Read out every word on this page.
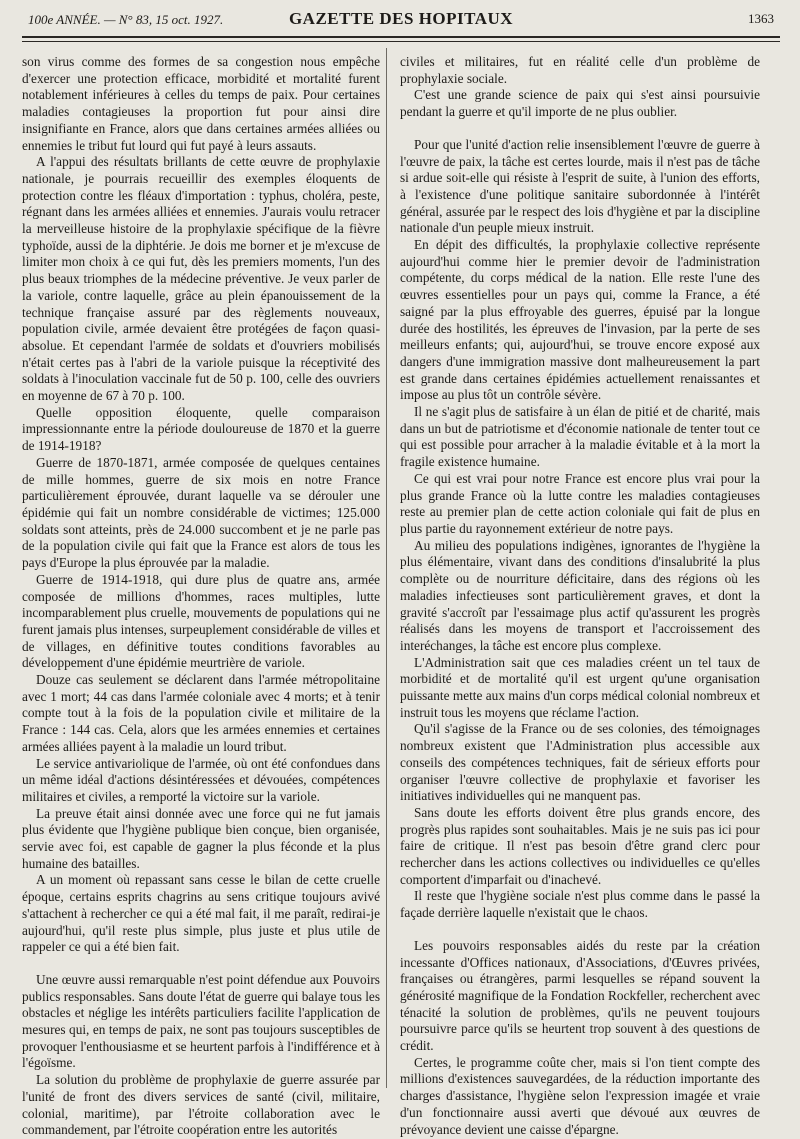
100e ANNÉE. — N° 83, 15 oct. 1927.	GAZETTE DES HOPITAUX	1363

son virus comme des formes de sa congestion nous empêche d'exercer une protection efficace, morbidité et mortalité furent notablement inférieures à celles du temps de paix. Pour certaines maladies contagieuses la proportion fut pour ainsi dire insignifiante en France, alors que dans certaines armées alliées ou ennemies le tribut fut lourd qui fut payé à leurs assauts.

A l'appui des résultats brillants de cette œuvre de prophylaxie nationale, je pourrais recueillir des exemples éloquents de protection contre les fléaux d'importation : typhus, choléra, peste, régnant dans les armées alliées et ennemies. J'aurais voulu retracer la merveilleuse histoire de la prophylaxie spécifique de la fièvre typhoïde, aussi de la diphtérie. Je dois me borner et je m'excuse de limiter mon choix à ce qui fut, dès les premiers moments, l'un des plus beaux triomphes de la médecine préventive. Je veux parler de la variole, contre laquelle, grâce au plein épanouissement de la technique française assuré par des règlements nouveaux, population civile, armée devaient être protégées de façon quasi-absolue. Et cependant l'armée de soldats et d'ouvriers mobilisés n'était certes pas à l'abri de la variole puisque la réceptivité des soldats à l'inoculation vaccinale fut de 50 p. 100, celle des ouvriers en moyenne de 67 à 70 p. 100.

Quelle opposition éloquente, quelle comparaison impressionnante entre la période douloureuse de 1870 et la guerre de 1914-1918?

Guerre de 1870-1871, armée composée de quelques centaines de mille hommes, guerre de six mois en notre France particulièrement éprouvée, durant laquelle va se dérouler une épidémie qui fait un nombre considérable de victimes; 125.000 soldats sont atteints, près de 24.000 succombent et je ne parle pas de la population civile qui fait que la France est alors de tous les pays d'Europe la plus éprouvée par la maladie.

Guerre de 1914-1918, qui dure plus de quatre ans, armée composée de millions d'hommes, races multiples, lutte incomparablement plus cruelle, mouvements de populations qui ne furent jamais plus intenses, surpeuplement considérable de villes et de villages, en définitive toutes conditions favorables au développement d'une épidémie meurtrière de variole.

Douze cas seulement se déclarent dans l'armée métropolitaine avec 1 mort; 44 cas dans l'armée coloniale avec 4 morts; et à tenir compte tout à la fois de la population civile et militaire de la France : 144 cas. Cela, alors que les armées ennemies et certaines armées alliées payent à la maladie un lourd tribut.

Le service antivariolique de l'armée, où ont été confondues dans un même idéal d'actions désintéressées et dévouées, compétences militaires et civiles, a remporté la victoire sur la variole.

La preuve était ainsi donnée avec une force qui ne fut jamais plus évidente que l'hygiène publique bien conçue, bien organisée, servie avec foi, est capable de gagner la plus féconde et la plus humaine des batailles.

A un moment où repassant sans cesse le bilan de cette cruelle époque, certains esprits chagrins au sens critique toujours avivé s'attachent à rechercher ce qui a été mal fait, il me paraît, redirai-je aujourd'hui, qu'il reste plus simple, plus juste et plus utile de rappeler ce qui a été bien fait.

Une œuvre aussi remarquable n'est point défendue aux Pouvoirs publics responsables. Sans doute l'état de guerre qui balaye tous les obstacles et néglige les intérêts particuliers facilite l'application de mesures qui, en temps de paix, ne sont pas toujours susceptibles de provoquer l'enthousiasme et se heurtent parfois à l'indifférence et à l'égoïsme.

La solution du problème de prophylaxie de guerre assurée par l'unité de front des divers services de santé (civil, militaire, colonial, maritime), par l'étroite collaboration avec le commandement, par l'étroite coopération entre les autorités

civiles et militaires, fut en réalité celle d'un problème de prophylaxie sociale.

C'est une grande science de paix qui s'est ainsi poursuivie pendant la guerre et qu'il importe de ne plus oublier.

Pour que l'unité d'action relie insensiblement l'œuvre de guerre à l'œuvre de paix, la tâche est certes lourde, mais il n'est pas de tâche si ardue soit-elle qui résiste à l'esprit de suite, à l'union des efforts, à l'existence d'une politique sanitaire subordonnée à l'intérêt général, assurée par le respect des lois d'hygiène et par la discipline nationale d'un peuple mieux instruit.

En dépit des difficultés, la prophylaxie collective représente aujourd'hui comme hier le premier devoir de l'administration compétente, du corps médical de la nation. Elle reste l'une des œuvres essentielles pour un pays qui, comme la France, a été saigné par la plus effroyable des guerres, épuisé par la longue durée des hostilités, les épreuves de l'invasion, par la perte de ses meilleurs enfants; qui, aujourd'hui, se trouve encore exposé aux dangers d'une immigration massive dont malheureusement la part est grande dans certaines épidémies actuellement renaissantes et impose au plus tôt un contrôle sévère.

Il ne s'agit plus de satisfaire à un élan de pitié et de charité, mais dans un but de patriotisme et d'économie nationale de tenter tout ce qui est possible pour arracher à la maladie évitable et à la mort la fragile existence humaine.

Ce qui est vrai pour notre France est encore plus vrai pour la plus grande France où la lutte contre les maladies contagieuses reste au premier plan de cette action coloniale qui fait de plus en plus partie du rayonnement extérieur de notre pays.

Au milieu des populations indigènes, ignorantes de l'hygiène la plus élémentaire, vivant dans des conditions d'insalubrité la plus complète ou de nourriture déficitaire, dans des régions où les maladies infectieuses sont particulièrement graves, et dont la gravité s'accroît par l'essaimage plus actif qu'assurent les progrès réalisés dans les moyens de transport et l'accroissement des interéchanges, la tâche est encore plus complexe.

L'Administration sait que ces maladies créent un tel taux de morbidité et de mortalité qu'il est urgent qu'une organisation puissante mette aux mains d'un corps médical colonial nombreux et instruit tous les moyens que réclame l'action.

Qu'il s'agisse de la France ou de ses colonies, des témoignages nombreux existent que l'Administration plus accessible aux conseils des compétences techniques, fait de sérieux efforts pour organiser l'œuvre collective de prophylaxie et favoriser les initiatives individuelles qui ne manquent pas.

Sans doute les efforts doivent être plus grands encore, des progrès plus rapides sont souhaitables. Mais je ne suis pas ici pour faire de critique. Il n'est pas besoin d'être grand clerc pour rechercher dans les actions collectives ou individuelles ce qu'elles comportent d'imparfait ou d'inachevé.

Il reste que l'hygiène sociale n'est plus comme dans le passé la façade derrière laquelle n'existait que le chaos.

Les pouvoirs responsables aidés du reste par la création incessante d'Offices nationaux, d'Associations, d'Œuvres privées, françaises ou étrangères, parmi lesquelles se répand souvent la générosité magnifique de la Fondation Rockfeller, recherchent avec ténacité la solution de problèmes, qu'ils ne peuvent toujours poursuivre parce qu'ils se heurtent trop souvent à des questions de crédit.

Certes, le programme coûte cher, mais si l'on tient compte des millions d'existences sauvegardées, de la réduction importante des charges d'assistance, l'hygiène selon l'expression imagée et vraie d'un fonctionnaire aussi averti que dévoué aux œuvres de prévoyance devient une caisse d'épargne.
